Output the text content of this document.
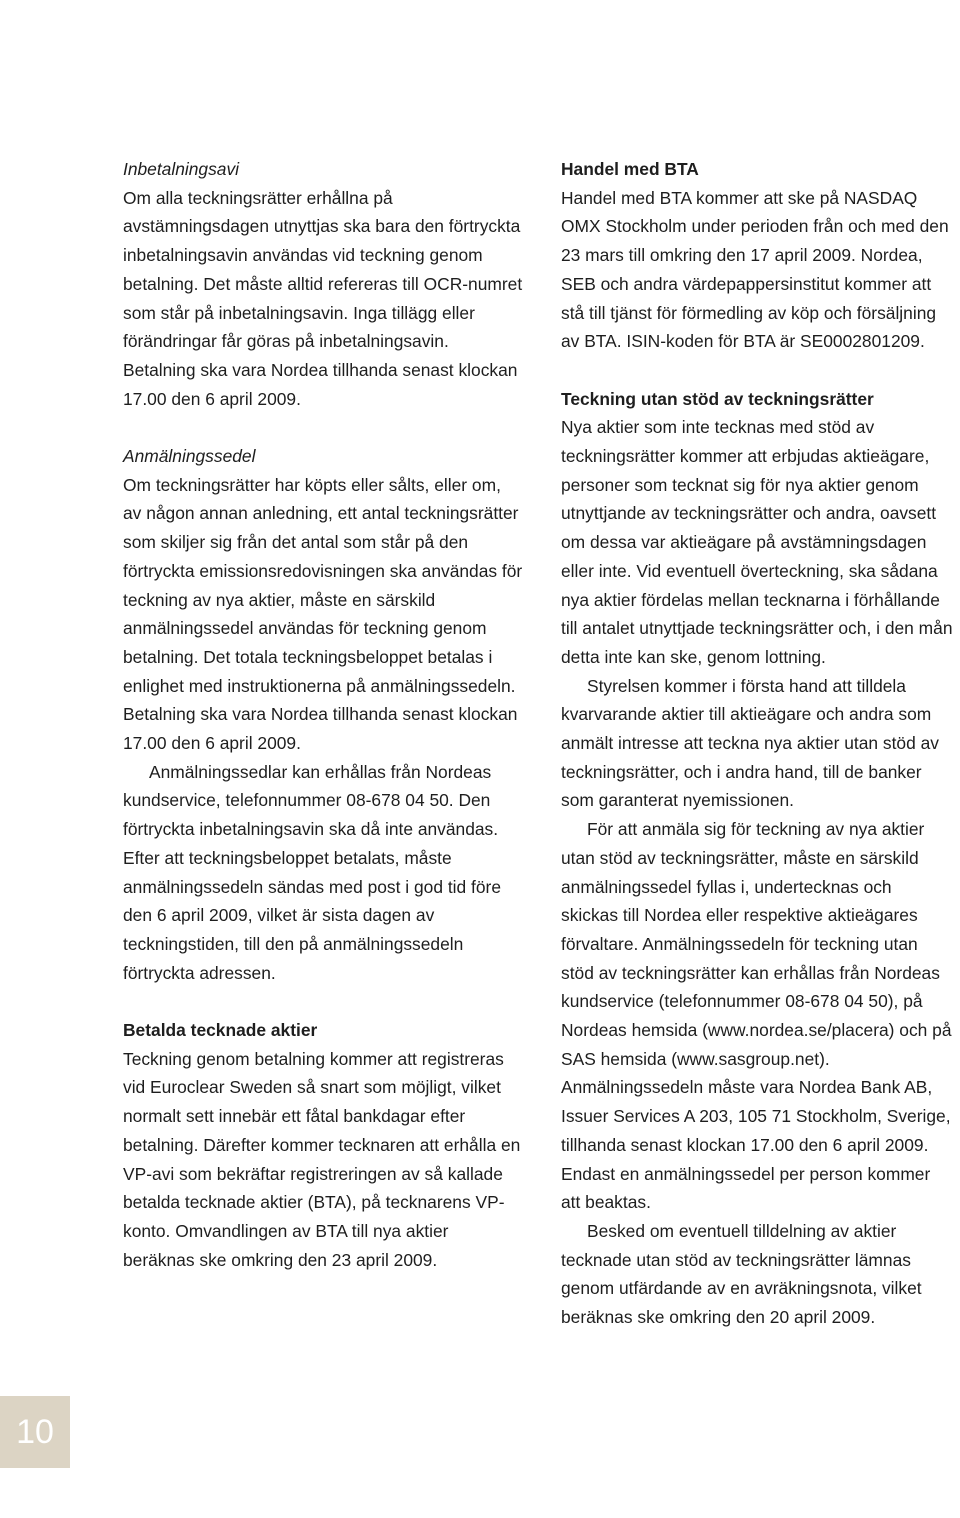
Inbetalningsavi

Om alla teckningsrätter erhållna på avstämningsdagen utnyttjas ska bara den förtryckta inbetalningsavin användas vid teckning genom betalning. Det måste alltid refereras till OCR-numret som står på inbetalningsavin. Inga tillägg eller förändringar får göras på inbetalningsavin. Betalning ska vara Nordea tillhanda senast klockan 17.00 den 6 april 2009.

Anmälningssedel

Om teckningsrätter har köpts eller sålts, eller om, av någon annan anledning, ett antal teckningsrätter som skiljer sig från det antal som står på den förtryckta emissionsredovisningen ska användas för teckning av nya aktier, måste en särskild anmälningssedel användas för teckning genom betalning. Det totala teckningsbeloppet betalas i enlighet med instruktionerna på anmälningssedeln. Betalning ska vara Nordea tillhanda senast klockan 17.00 den 6 april 2009.

Anmälningssedlar kan erhållas från Nordeas kundservice, telefonnummer 08-678 04 50. Den förtryckta inbetalningsavin ska då inte användas. Efter att teckningsbeloppet betalats, måste anmälningssedeln sändas med post i god tid före den 6 april 2009, vilket är sista dagen av teckningstiden, till den på anmälningssedeln förtryckta adressen.

Betalda tecknade aktier

Teckning genom betalning kommer att registreras vid Euroclear Sweden så snart som möjligt, vilket normalt sett innebär ett fåtal bankdagar efter betalning. Därefter kommer tecknaren att erhålla en VP-avi som bekräftar registreringen av så kallade betalda tecknade aktier (BTA), på tecknarens VP-konto. Omvandlingen av BTA till nya aktier beräknas ske omkring den 23 april 2009.

Handel med BTA

Handel med BTA kommer att ske på NASDAQ OMX Stockholm under perioden från och med den 23 mars till omkring den 17 april 2009. Nordea, SEB och andra värdepappersinstitut kommer att stå till tjänst för förmedling av köp och försäljning av BTA. ISIN-koden för BTA är SE0002801209.

Teckning utan stöd av teckningsrätter

Nya aktier som inte tecknas med stöd av teckningsrätter kommer att erbjudas aktieägare, personer som tecknat sig för nya aktier genom utnyttjande av teckningsrätter och andra, oavsett om dessa var aktieägare på avstämningsdagen eller inte. Vid eventuell överteckning, ska sådana nya aktier fördelas mellan tecknarna i förhållande till antalet utnyttjade teckningsrätter och, i den mån detta inte kan ske, genom lottning.

Styrelsen kommer i första hand att tilldela kvarvarande aktier till aktieägare och andra som anmält intresse att teckna nya aktier utan stöd av teckningsrätter, och i andra hand, till de banker som garanterat nyemissionen.

För att anmäla sig för teckning av nya aktier utan stöd av teckningsrätter, måste en särskild anmälningssedel fyllas i, undertecknas och skickas till Nordea eller respektive aktieägares förvaltare. Anmälningssedeln för teckning utan stöd av teckningsrätter kan erhållas från Nordeas kundservice (telefonnummer 08-678 04 50), på Nordeas hemsida (www.nordea.se/placera) och på SAS hemsida (www.sasgroup.net). Anmälningssedeln måste vara Nordea Bank AB, Issuer Services A 203, 105 71 Stockholm, Sverige, tillhanda senast klockan 17.00 den 6 april 2009. Endast en anmälningssedel per person kommer att beaktas.

Besked om eventuell tilldelning av aktier tecknade utan stöd av teckningsrätter lämnas genom utfärdande av en avräkningsnota, vilket beräknas ske omkring den 20 april 2009.

10
